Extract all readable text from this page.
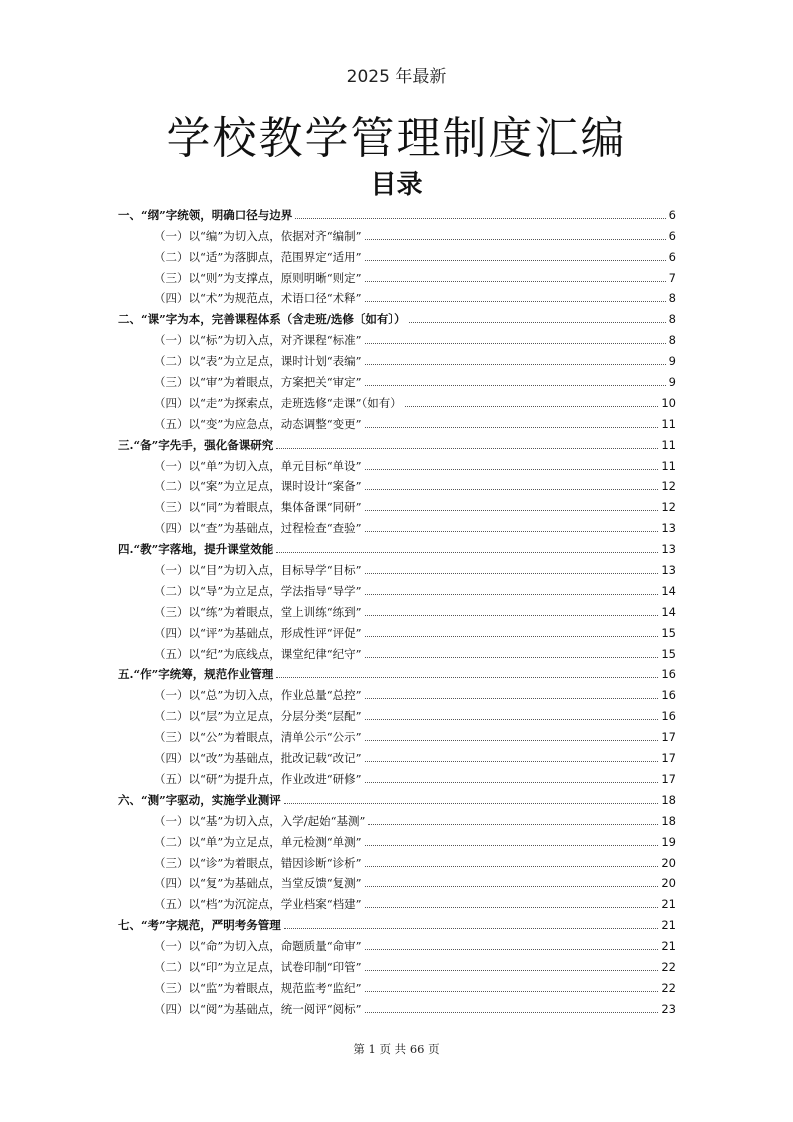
2025 年最新
学校教学管理制度汇编
目录
一、“纲”字统领，明确口径与边界	6
（一）以“编”为切入点，依据对齐“编制”	6
（二）以“适”为落脚点，范围界定“适用”	6
（三）以“则”为支撑点，原则明晰“则定”	7
（四）以“术”为规范点，术语口径“术释”	8
二、“课”字为本，完善课程体系（含走班/选修〔如有〕）	8
（一）以“标”为切入点，对齐课程“标准”	8
（二）以“表”为立足点，课时计划“表编”	9
（三）以“审”为着眼点，方案把关“审定”	9
（四）以“走”为探索点，走班选修“走课”（如有）	10
（五）以“变”为应急点，动态调整“变更”	11
三.“备”字先手，强化备课研究	11
（一）以“单”为切入点，单元目标“单设”	11
（二）以“案”为立足点，课时设计“案备”	12
（三）以“同”为着眼点，集体备课“同研”	12
（四）以“查”为基础点，过程检查“查验”	13
四.“教”字落地，提升课堂效能	13
（一）以“目”为切入点，目标导学“目标”	13
（二）以“导”为立足点，学法指导“导学”	14
（三）以“练”为着眼点，堂上训练“练到”	14
（四）以“评”为基础点，形成性评“评促”	15
（五）以“纪”为底线点，课堂纪律“纪守”	15
五.“作”字统筹，规范作业管理	16
（一）以“总”为切入点，作业总量“总控”	16
（二）以“层”为立足点，分层分类“层配”	16
（三）以“公”为着眼点，清单公示“公示”	17
（四）以“改”为基础点，批改记载“改记”	17
（五）以“研”为提升点，作业改进“研修”	17
六、“测”字驱动，实施学业测评	18
（一）以“基”为切入点，入学/起始“基测”	18
（二）以“单”为立足点，单元检测“单测”	19
（三）以“诊”为着眼点，错因诊断“诊析”	20
（四）以“复”为基础点，当堂反馈“复测”	20
（五）以“档”为沉淀点，学业档案“档建”	21
七、“考”字规范，严明考务管理	21
（一）以“命”为切入点，命题质量“命审”	21
（二）以“印”为立足点，试卷印制“印管”	22
（三）以“监”为着眼点，规范监考“监纪”	22
（四）以“阅”为基础点，统一阅评“阅标”	23
第 1 页 共 66 页
